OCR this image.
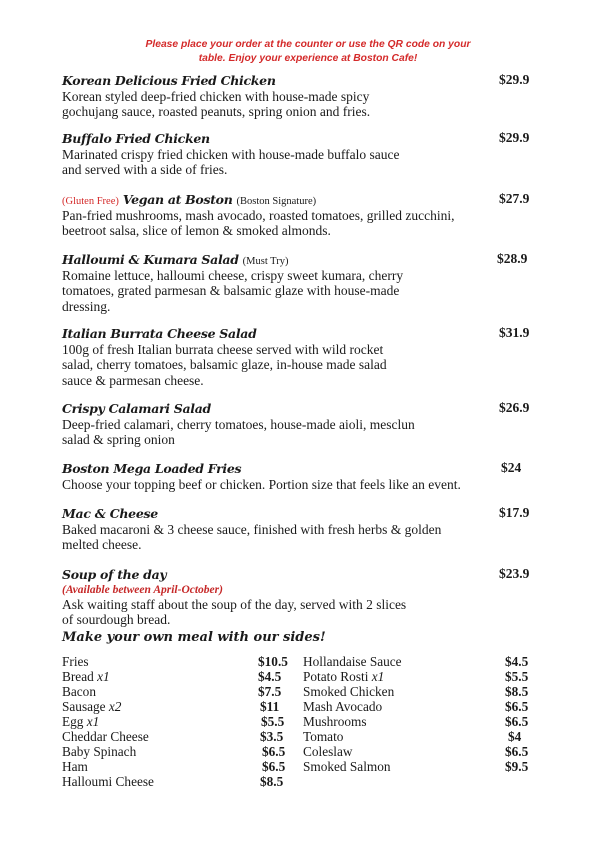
Please place your order at the counter or use the QR code on your
table. Enjoy your experience at Boston Cafe!
Korean Delicious Fried Chicken	$29.9
Korean styled deep-fried chicken with house-made spicy
gochujang sauce, roasted peanuts, spring onion and fries.
Buffalo Fried Chicken	$29.9
Marinated crispy fried chicken with house-made buffalo sauce
and served with a side of fries.
(Gluten Free) Vegan at Boston (Boston Signature)	$27.9
Pan-fried mushrooms, mash avocado, roasted tomatoes, grilled zucchini,
beetroot salsa, slice of lemon & smoked almonds.
Halloumi & Kumara Salad (Must Try)	$28.9
Romaine lettuce, halloumi cheese, crispy sweet kumara, cherry
tomatoes, grated parmesan & balsamic glaze with house-made
dressing.
Italian Burrata Cheese Salad	$31.9
100g of fresh Italian burrata cheese served with wild rocket
salad, cherry tomatoes, balsamic glaze, in-house made salad
sauce & parmesan cheese.
Crispy Calamari Salad	$26.9
Deep-fried calamari, cherry tomatoes, house-made aioli, mesclun
salad & spring onion
Boston Mega Loaded Fries	$24
Choose your topping beef or chicken. Portion size that feels like an event.
Mac & Cheese	$17.9
Baked macaroni & 3 cheese sauce, finished with fresh herbs & golden
melted cheese.
Soup of the day	$23.9
(Available between April-October)
Ask waiting staff about the soup of the day, served with 2 slices
of sourdough bread.
Make your own meal with our sides!
Fries	$10.5
Bread x1	$4.5
Bacon	$7.5
Sausage x2	$11
Egg x1	$5.5
Cheddar Cheese	$3.5
Baby Spinach	$6.5
Ham	$6.5
Halloumi Cheese	$8.5
Hollandaise Sauce	$4.5
Potato Rosti x1	$5.5
Smoked Chicken	$8.5
Mash Avocado	$6.5
Mushrooms	$6.5
Tomato	$4
Coleslaw	$6.5
Smoked Salmon	$9.5
